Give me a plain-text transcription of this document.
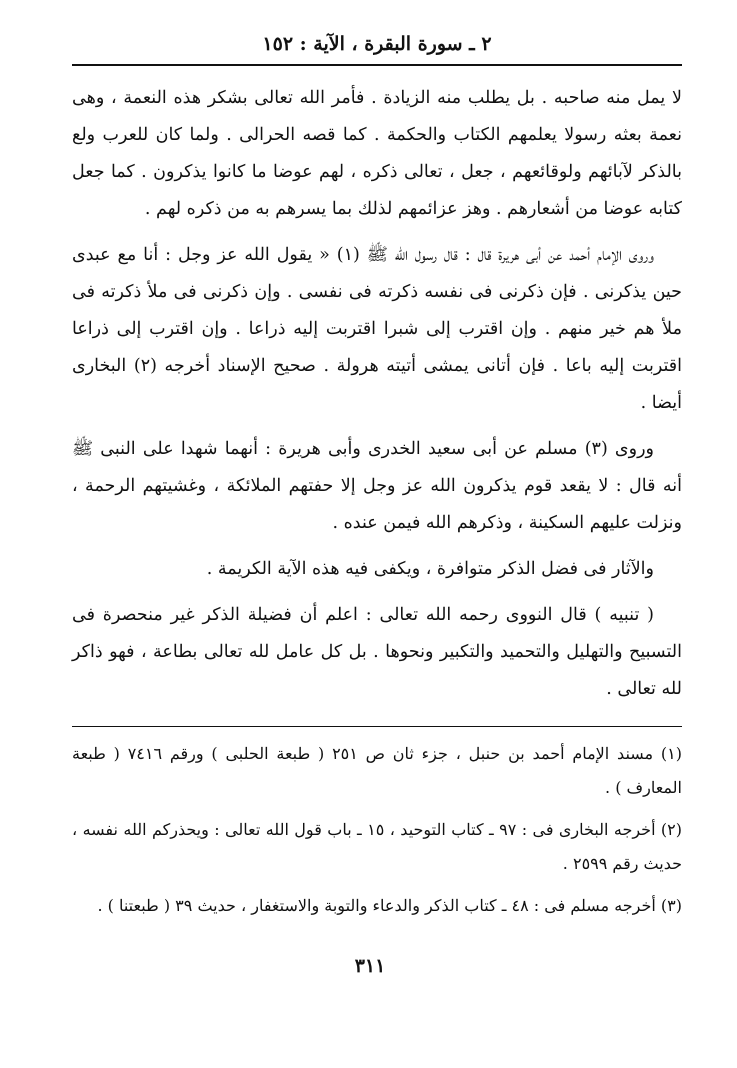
٢ ـ سورة البقرة ، الآية : ١٥٢

لا يمل منه صاحبه . بل يطلب منه الزيادة . فأمر الله تعالى بشكر هذه النعمة ، وهى نعمة بعثه رسولا يعلمهم الكتاب والحكمة . كما قصه الحرالى . ولما كان للعرب ولع بالذكر لآبائهم ولوقائعهم ، جعل ، تعالى ذكره ، لهم عوضا ما كانوا يذكرون . كما جعل كتابه عوضا من أشعارهم . وهز عزائمهم لذلك بما يسرهم به من ذكره لهم .

وروى الإمام أحمد عن أبى هريرة قال : قال رسول الله ﷺ (١) « يقول الله عز وجل : أنا مع عبدى حين يذكرنى . فإن ذكرنى فى نفسه ذكرته فى نفسى . وإن ذكرنى فى ملأ ذكرته فى ملأ هم خير منهم . وإن اقترب إلى شبرا اقتربت إليه ذراعا . وإن اقترب إلى ذراعا اقتربت إليه باعا . فإن أتانى يمشى أتيته هرولة . صحيح الإسناد أخرجه (٢) البخارى أيضا .

وروى (٣) مسلم عن أبى سعيد الخدرى وأبى هريرة : أنهما شهدا على النبى ﷺ أنه قال : لا يقعد قوم يذكرون الله عز وجل إلا حفتهم الملائكة ، وغشيتهم الرحمة ، ونزلت عليهم السكينة ، وذكرهم الله فيمن عنده .

والآثار فى فضل الذكر متوافرة ، ويكفى فيه هذه الآية الكريمة .

( تنبيه ) قال النووى رحمه الله تعالى : اعلم أن فضيلة الذكر غير منحصرة فى التسبيح والتهليل والتحميد والتكبير ونحوها . بل كل عامل لله تعالى بطاعة ، فهو ذاكر لله تعالى .

(١) مسند الإمام أحمد بن حنبل ، جزء ثان ص ٢٥١ ( طبعة الحلبى ) ورقم ٧٤١٦ ( طبعة المعارف ) .

(٢) أخرجه البخارى فى : ٩٧ ـ كتاب التوحيد ، ١٥ ـ باب قول الله تعالى : ويحذركم الله نفسه ، حديث رقم ٢٥٩٩ .

(٣) أخرجه مسلم فى : ٤٨ ـ كتاب الذكر والدعاء والتوبة والاستغفار ، حديث ٣٩ ( طبعتنا ) .

٣١١
